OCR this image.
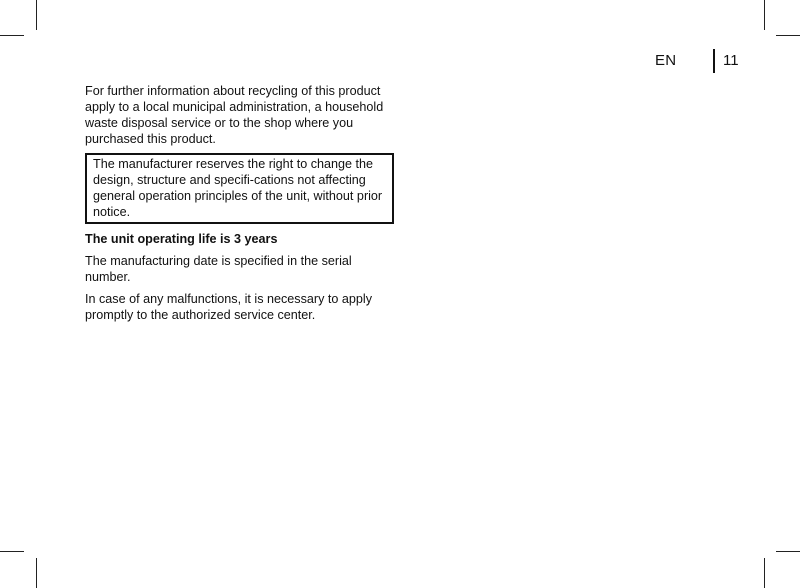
EN	11

For further information about recycling of this product apply to a local municipal administration, a household waste disposal service or to the shop where you purchased this product.

The manufacturer reserves the right to change the design, structure and specifi-cations not affecting general operation principles of the unit, without prior notice.

The unit operating life is 3 years

The manufacturing date is specified in the serial number.

In case of any malfunctions, it is necessary to apply promptly to the authorized service center.
